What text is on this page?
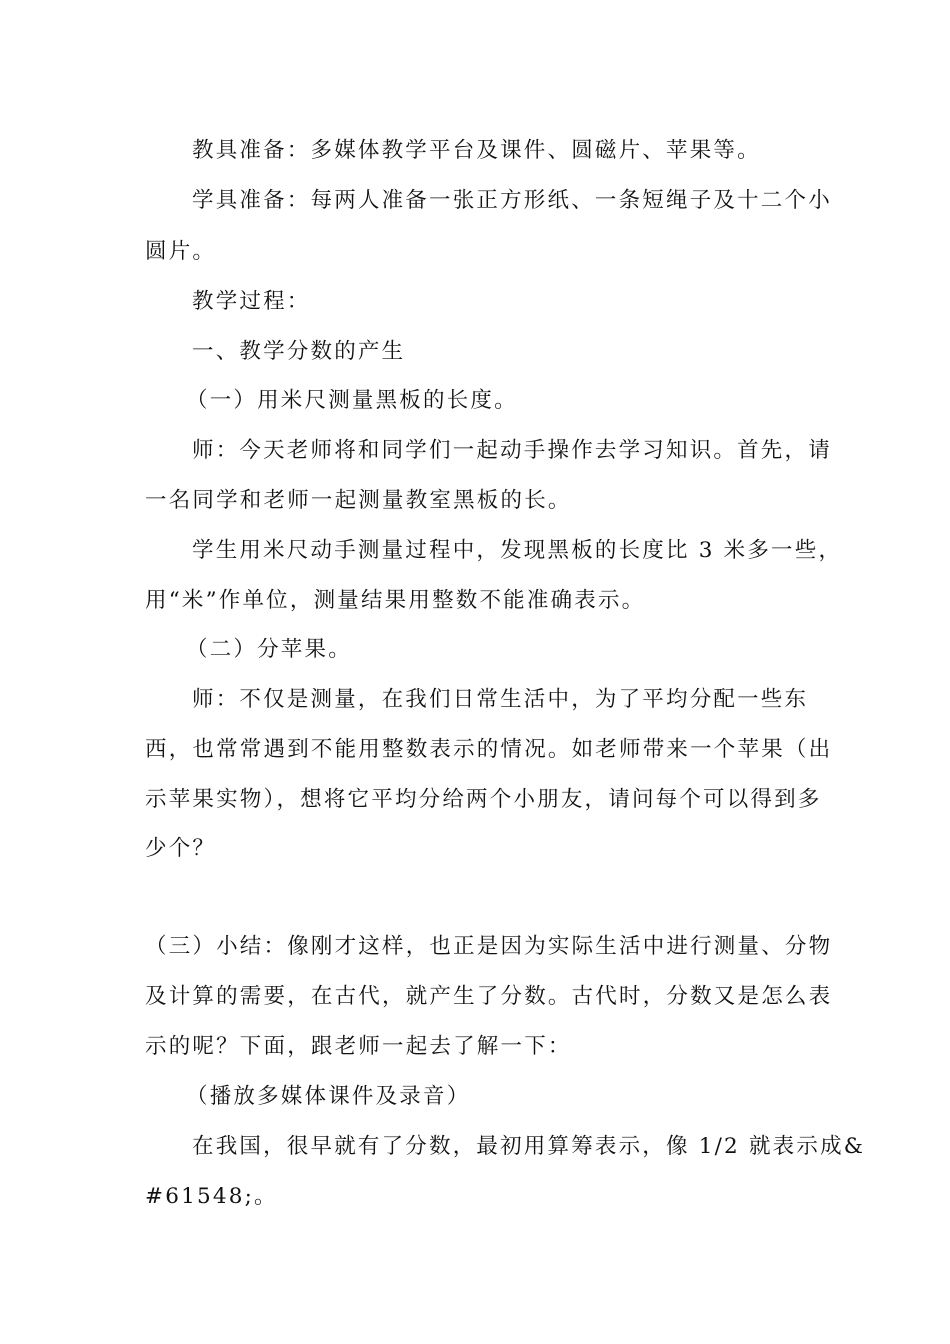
教具准备：多媒体教学平台及课件、圆磁片、苹果等。
学具准备：每两人准备一张正方形纸、一条短绳子及十二个小
圆片。
教学过程：
一、教学分数的产生
（一）用米尺测量黑板的长度。
师：今天老师将和同学们一起动手操作去学习知识。首先，请
一名同学和老师一起测量教室黑板的长。
学生用米尺动手测量过程中，发现黑板的长度比 3 米多一些，
用“米”作单位，测量结果用整数不能准确表示。
（二）分苹果。
师：不仅是测量，在我们日常生活中，为了平均分配一些东
西，也常常遇到不能用整数表示的情况。如老师带来一个苹果（出
示苹果实物），想将它平均分给两个小朋友，请问每个可以得到多
少个？
（三）小结：像刚才这样，也正是因为实际生活中进行测量、分物
及计算的需要，在古代，就产生了分数。古代时，分数又是怎么表
示的呢？下面，跟老师一起去了解一下：
（播放多媒体课件及录音）
在我国，很早就有了分数，最初用算筹表示，像 1/2 就表示成&
#61548;。
